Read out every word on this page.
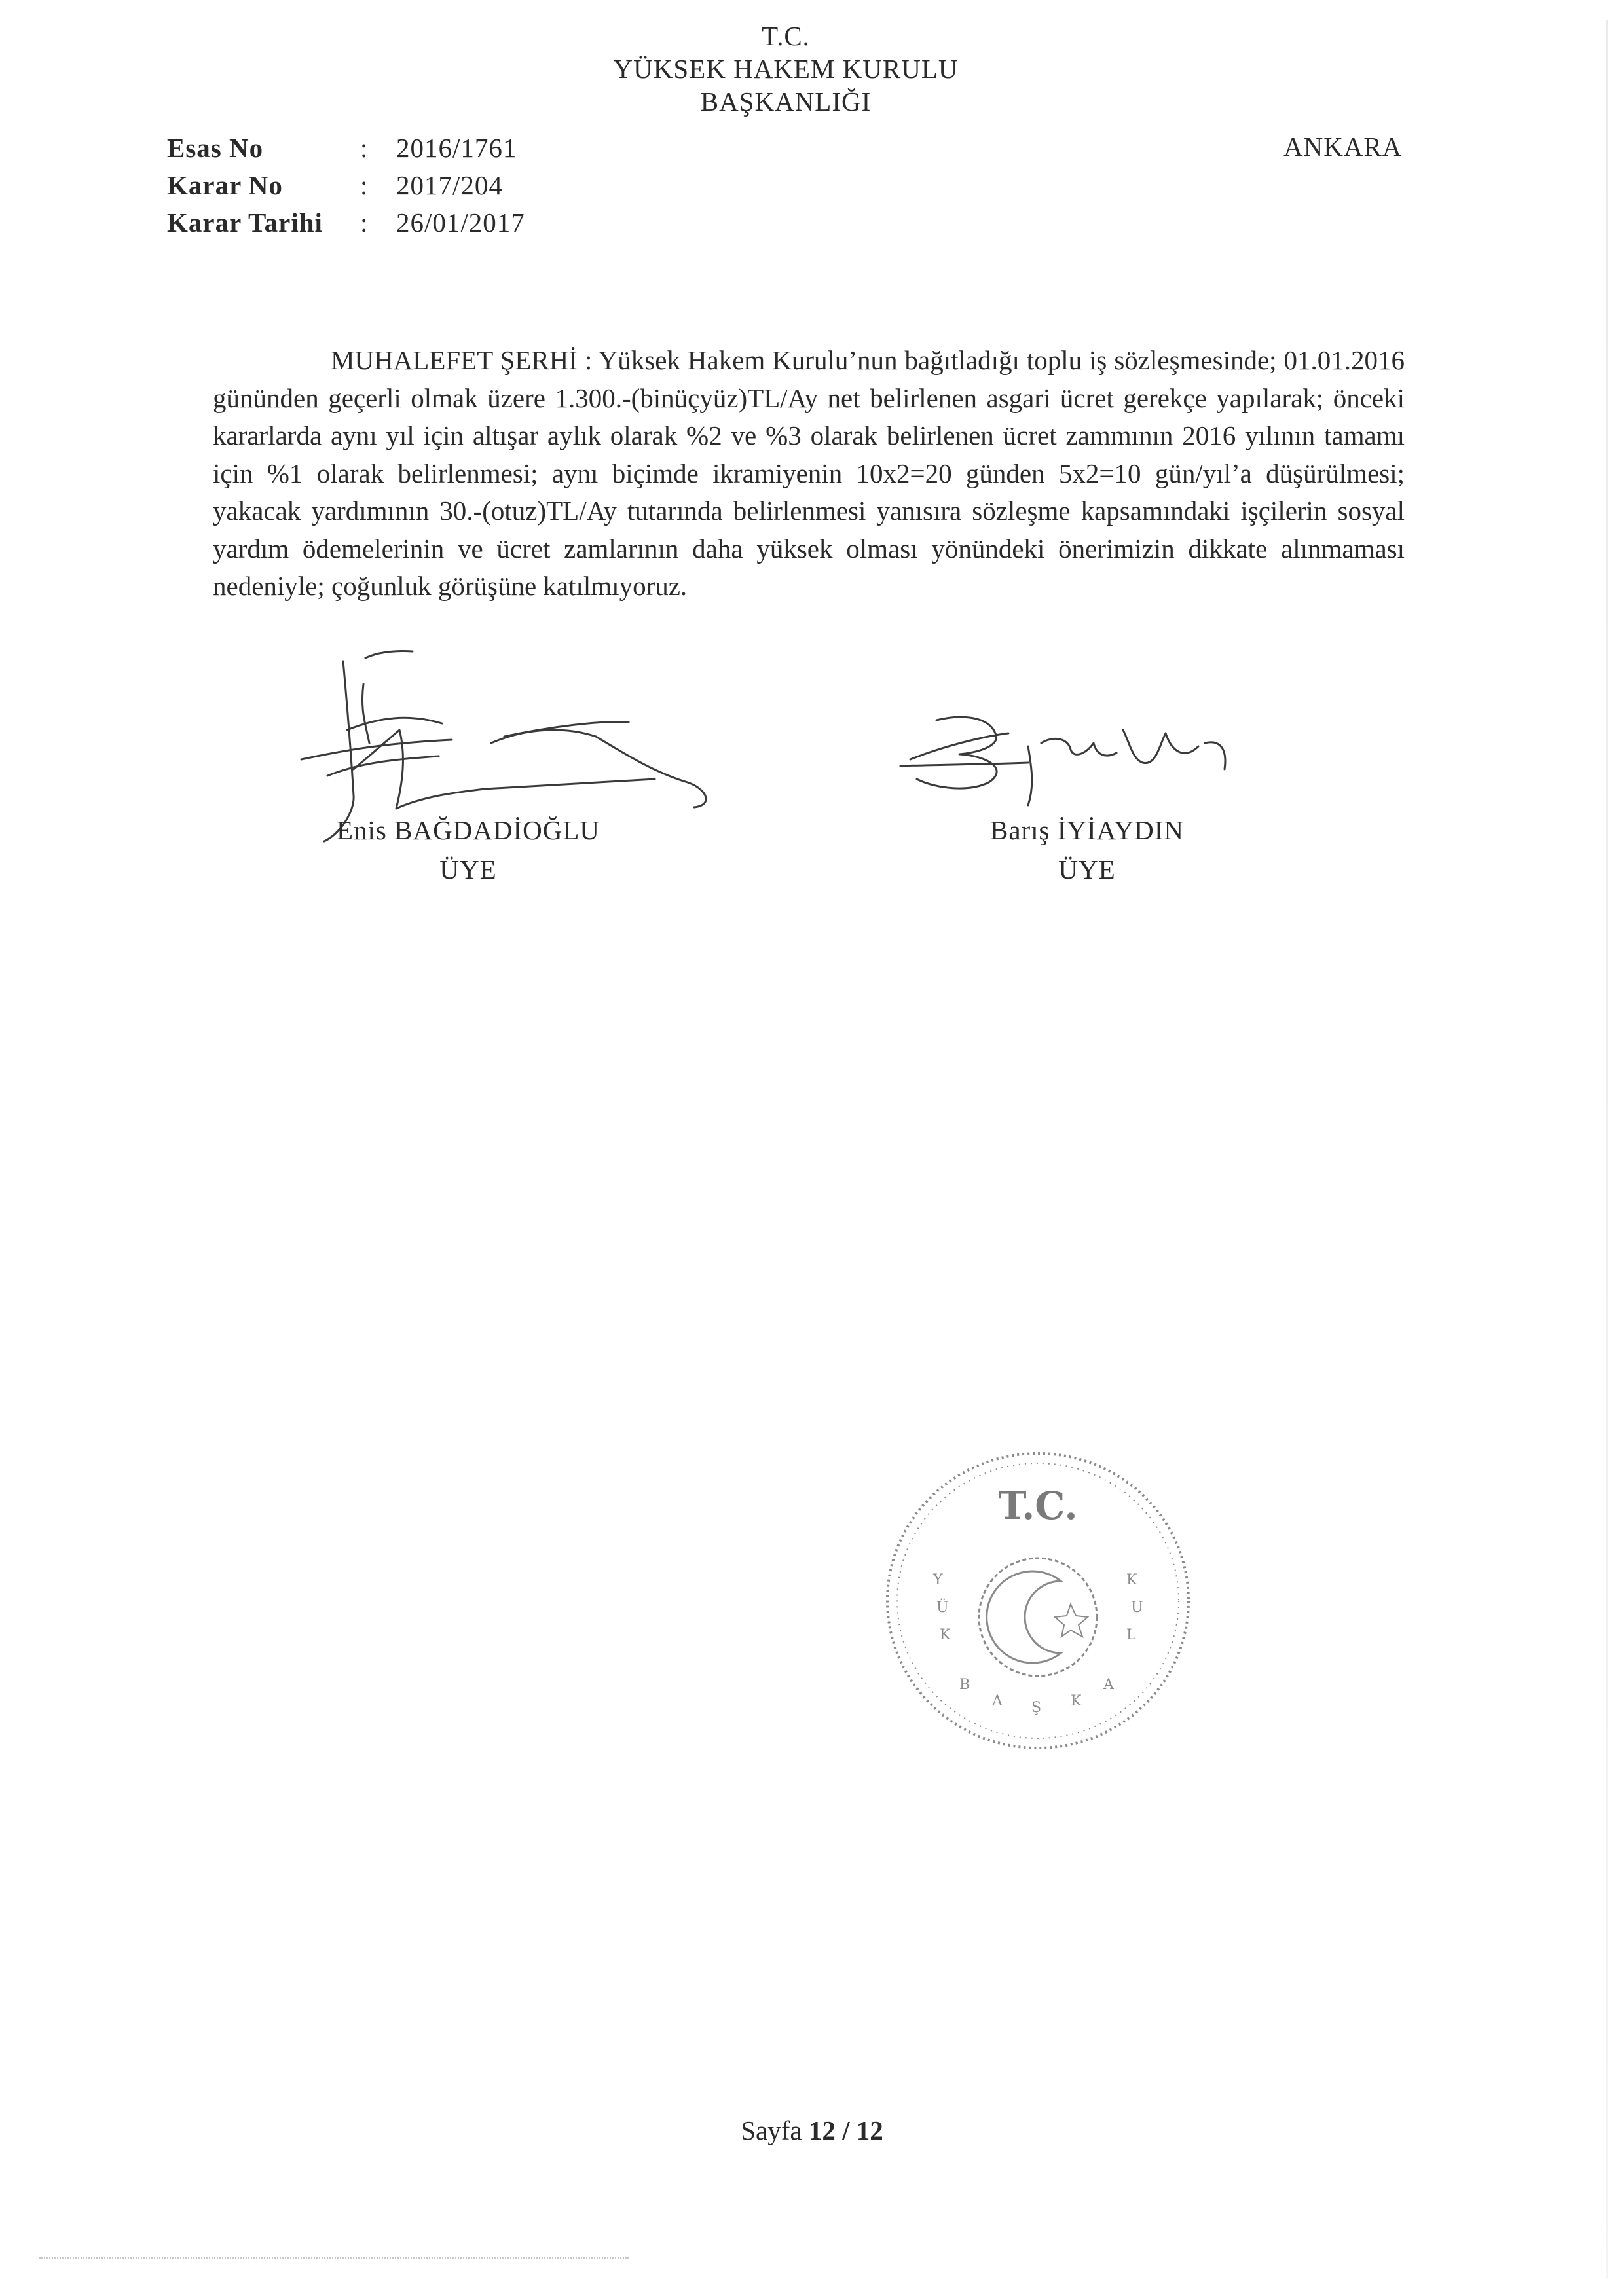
T.C.
YÜKSEK HAKEM KURULU
BAŞKANLIĞI
Esas No	:	2016/1761
Karar No	:	2017/204
Karar Tarihi	:	26/01/2017
ANKARA

MUHALEFET ŞERHİ : Yüksek Hakem Kurulu’nun bağıtladığı toplu iş sözleşmesinde; 01.01.2016 gününden geçerli olmak üzere 1.300.-(binüçyüz)TL/Ay net belirlenen asgari ücret gerekçe yapılarak; önceki kararlarda aynı yıl için altışar aylık olarak %2 ve %3 olarak belirlenen ücret zammının 2016 yılının tamamı için %1 olarak belirlenmesi; aynı biçimde ikramiyenin 10x2=20 günden 5x2=10 gün/yıl’a düşürülmesi; yakacak yardımının 30.-(otuz)TL/Ay tutarında belirlenmesi yanısıra sözleşme kapsamındaki işçilerin sosyal yardım ödemelerinin ve ücret zamlarının daha yüksek olması yönündeki önerimizin dikkate alınmaması nedeniyle; çoğunluk görüşüne katılmıyoruz.

Enis BAĞDADİOĞLU
ÜYE
Barış İYİAYDIN
ÜYE
Y
Ü
K
K
U
L
B
A Ş K
A
T.C.
Sayfa 12 / 12
